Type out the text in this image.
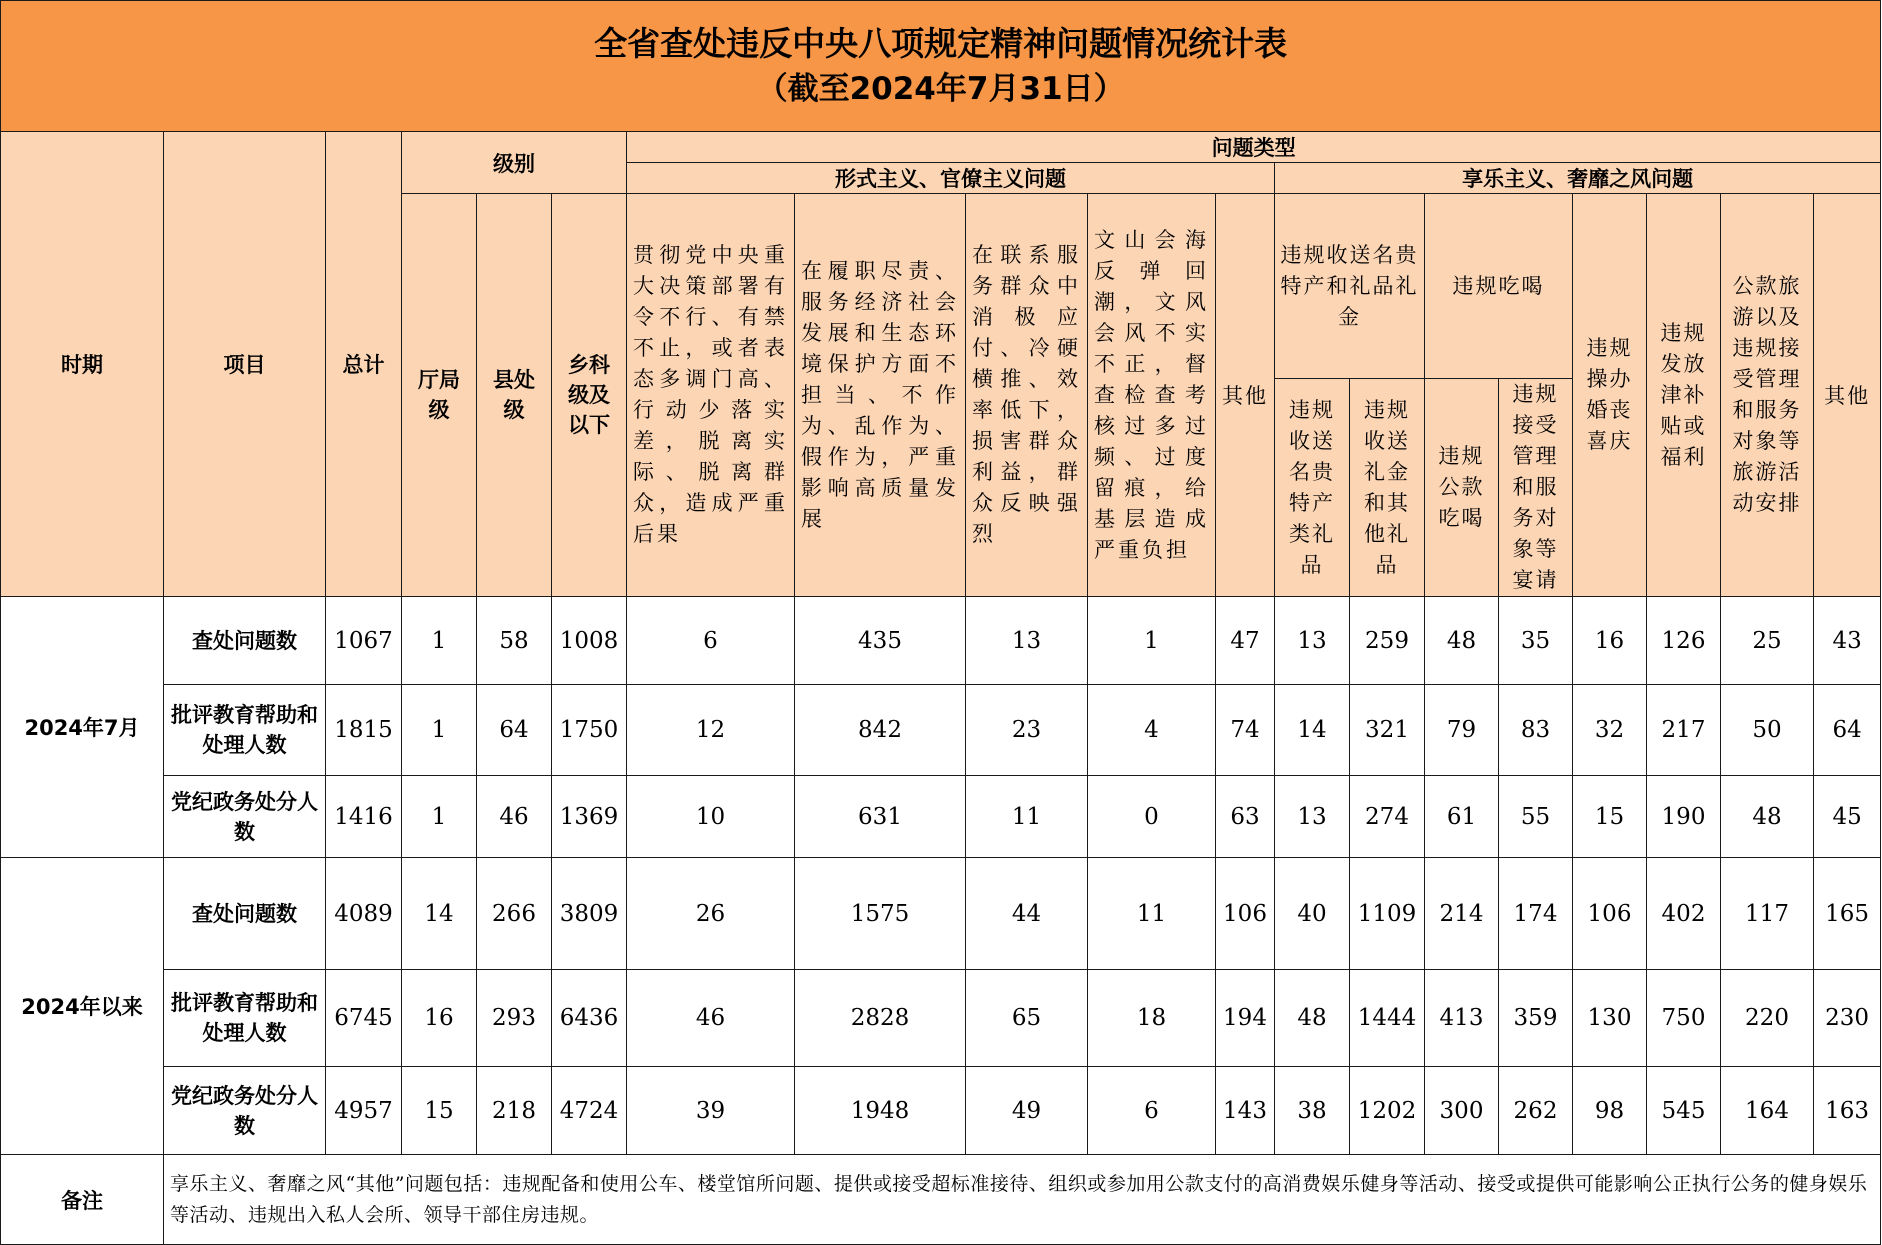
全省查处违反中央八项规定精神问题情况统计表
（截至2024年7月31日）																		

时期	项目	总计	级别			问题类型												
						形式主义、官僚主义问题					享乐主义、奢靡之风问题							

			厅局级	县处级	乡科级及以下	贯彻党中央重大决策部署有令不行、有禁不止，或者表态多调门高、行动少落实差，脱离实际、脱离群众，造成严重后果	在履职尽责、服务经济社会发展和生态环境保护方面不担当、不作为、乱作为、假作为，严重影响高质量发展	在联系服务群众中消极应付、冷硬横推、效率低下，损害群众利益，群众反映强烈	文山会海反弹回潮，文风会风不实不正，督查检查考核过多过频、过度留痕，给基层造成严重负担	其他	违规收送名贵特产和礼品礼金		违规吃喝		违规操办婚丧喜庆	违规发放津补贴或福利	公款旅游以及违规接受管理和服务对象等旅游活动安排	其他

											违规收送名贵特产类礼品	违规收送礼金和其他礼品	违规公款吃喝	违规接受管理和服务对象等宴请				
2024年7月	查处问题数	1067	1	58	1008	6	435	13	1	47	13	259	48	35	16	126	25	43
	批评教育帮助和处理人数	1815	1	64	1750	12	842	23	4	74	14	321	79	83	32	217	50	64
	党纪政务处分人数	1416	1	46	1369	10	631	11	0	63	13	274	61	55	15	190	48	45
2024年以来	查处问题数	4089	14	266	3809	26	1575	44	11	106	40	1109	214	174	106	402	117	165
	批评教育帮助和处理人数	6745	16	293	6436	46	2828	65	18	194	48	1444	413	359	130	750	220	230
	党纪政务处分人数	4957	15	218	4724	39	1948	49	6	143	38	1202	300	262	98	545	164	163
备注	享乐主义、奢靡之风“其他”问题包括：违规配备和使用公车、楼堂馆所问题、提供或接受超标准接待、组织或参加用公款支付的高消费娱乐健身等活动、接受或提供可能影响公正执行公务的健身娱乐等活动、违规出入私人会所、领导干部住房违规。																	
